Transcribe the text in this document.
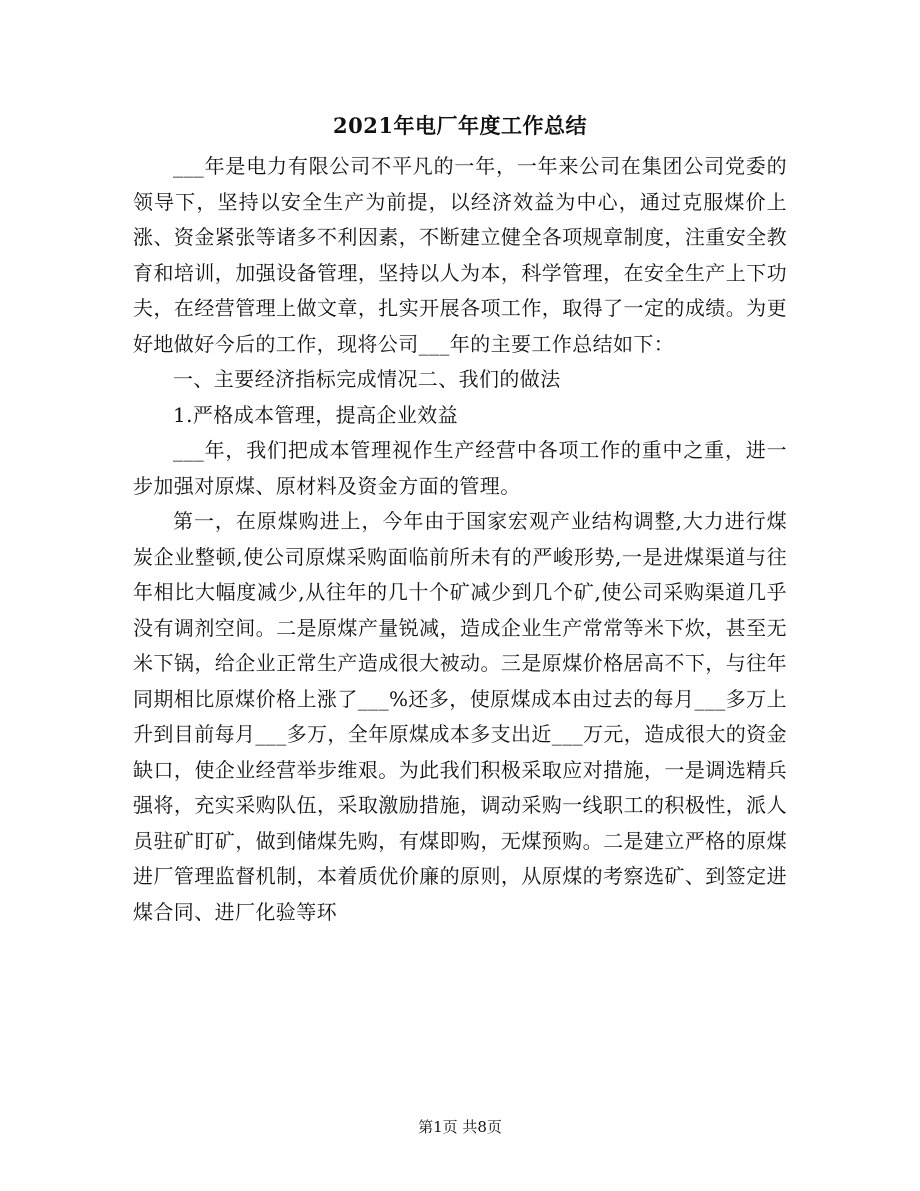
2021年电厂年度工作总结

___年是电力有限公司不平凡的一年，一年来公司在集团公司党委的领导下，坚持以安全生产为前提，以经济效益为中心，通过克服煤价上涨、资金紧张等诸多不利因素，不断建立健全各项规章制度，注重安全教育和培训，加强设备管理，坚持以人为本，科学管理，在安全生产上下功夫，在经营管理上做文章，扎实开展各项工作，取得了一定的成绩。为更好地做好今后的工作，现将公司___年的主要工作总结如下：

一、主要经济指标完成情况二、我们的做法

1.严格成本管理，提高企业效益

___年，我们把成本管理视作生产经营中各项工作的重中之重，进一步加强对原煤、原材料及资金方面的管理。

第一，在原煤购进上，今年由于国家宏观产业结构调整,大力进行煤炭企业整顿,使公司原煤采购面临前所未有的严峻形势,一是进煤渠道与往年相比大幅度减少,从往年的几十个矿减少到几个矿,使公司采购渠道几乎没有调剂空间。二是原煤产量锐减，造成企业生产常常等米下炊，甚至无米下锅，给企业正常生产造成很大被动。三是原煤价格居高不下，与往年同期相比原煤价格上涨了___%还多，使原煤成本由过去的每月___多万上升到目前每月___多万，全年原煤成本多支出近___万元，造成很大的资金缺口，使企业经营举步维艰。为此我们积极采取应对措施，一是调选精兵强将，充实采购队伍，采取激励措施，调动采购一线职工的积极性，派人员驻矿盯矿，做到储煤先购，有煤即购，无煤预购。二是建立严格的原煤进厂管理监督机制，本着质优价廉的原则，从原煤的考察选矿、到签定进煤合同、进厂化验等环

第1页 共8页
